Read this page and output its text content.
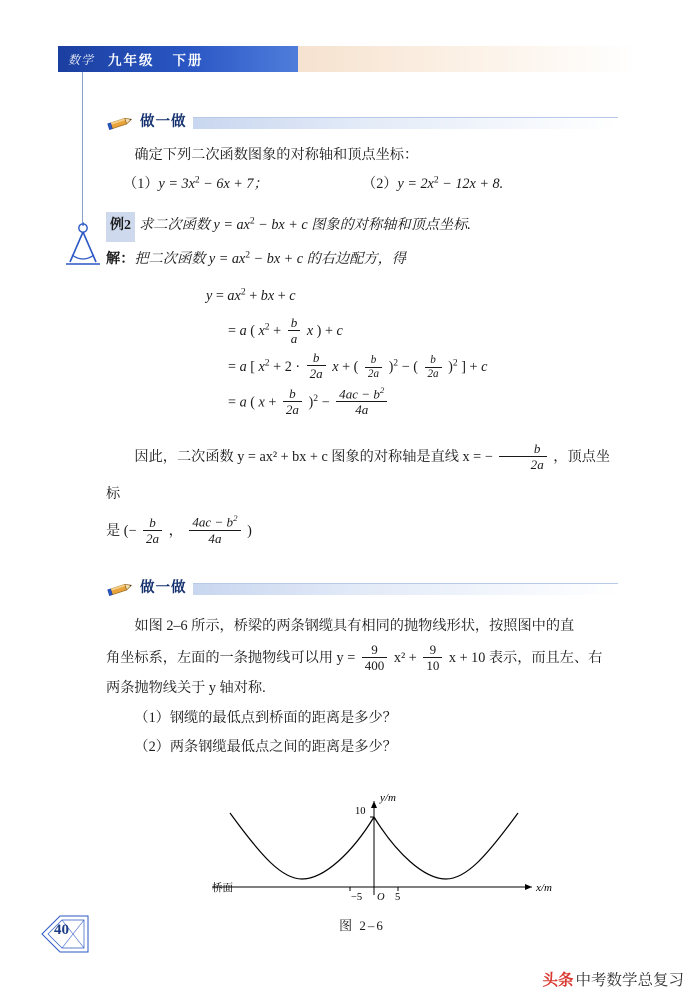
数学 九年级 下册
做一做
确定下列二次函数图象的对称轴和顶点坐标：
$(1)y = 3x^2 - 6x + 7$；	$(2)y = 2x^2 - 12x + 8$.
例2 求二次函数 $y = ax^2$ − bx + c 图象的对称轴和顶点坐标.
解：把二次函数 $y = ax^2$ − bx + c 的右边配方，得
$y = ax^2$ + bx + c
= a ( $x^2 + \frac{b}{a}$ x ) + c
= a [ $x^2 + 2 \cdot \frac{b}{2a}$ x + ( $\frac{b}{2a} )^2$ − ( $\frac{b}{2a} )^2$ ] + c
= a ( $x + \frac{b}{2a} )^2 - \frac{4ac - b^2}{4a}$
因此，二次函数 y = ax² + bx + c 图象的对称轴是直线 x = − $\frac{b}{2a}$ ，顶点坐标
是 (− $\frac{b}{2a}$ ， $\frac{4ac - b^2}{4a}$ )
做一做
如图 2–6 所示，桥梁的两条钢缆具有相同的抛物线形状，按照图中的直
角坐标系，左面的一条抛物线可以用 $y = \frac{9}{400} x^2 + \frac{9}{10}$ x + 10 表示，而且左、右
两条抛物线关于 y 轴对称.
（1）钢缆的最低点到桥面的距离是多少？
（2）两条钢缆最低点之间的距离是多少？
y/m
x/m
−5	5
O
10
桥面
图 2–6
40
头条 中考数学总复习
